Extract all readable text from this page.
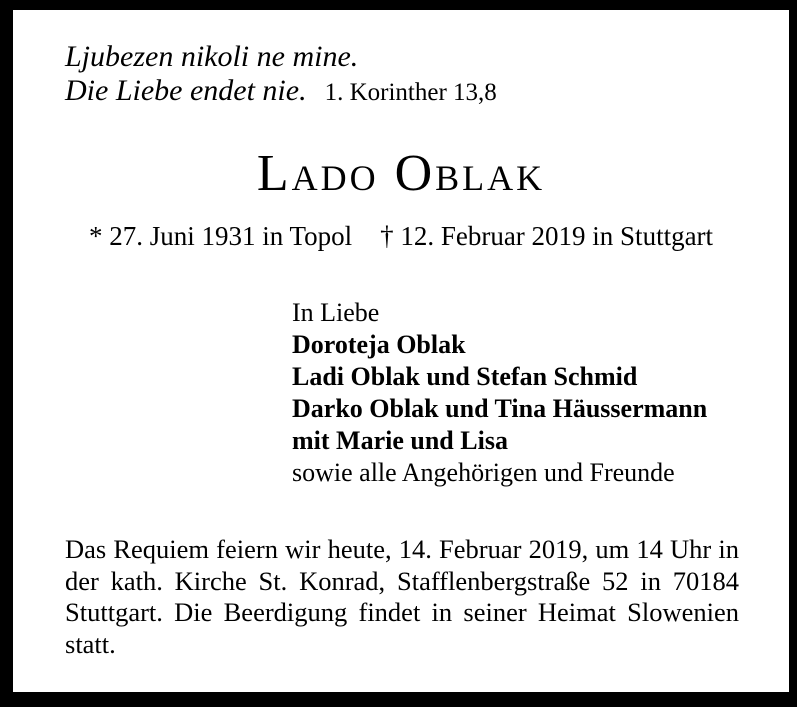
Ljubezen nikoli ne mine.
Die Liebe endet nie. 1. Korinther 13,8
Lado Oblak
* 27. Juni 1931 in Topol † 12. Februar 2019 in Stuttgart
In Liebe
Doroteja Oblak
Ladi Oblak und Stefan Schmid
Darko Oblak und Tina Häussermann
mit Marie und Lisa
sowie alle Angehörigen und Freunde
Das Requiem feiern wir heute, 14. Februar 2019, um 14 Uhr in der kath. Kirche St. Konrad, Stafflenbergstraße 52 in 70184 Stuttgart. Die Beerdigung findet in seiner Heimat Slowenien statt.
